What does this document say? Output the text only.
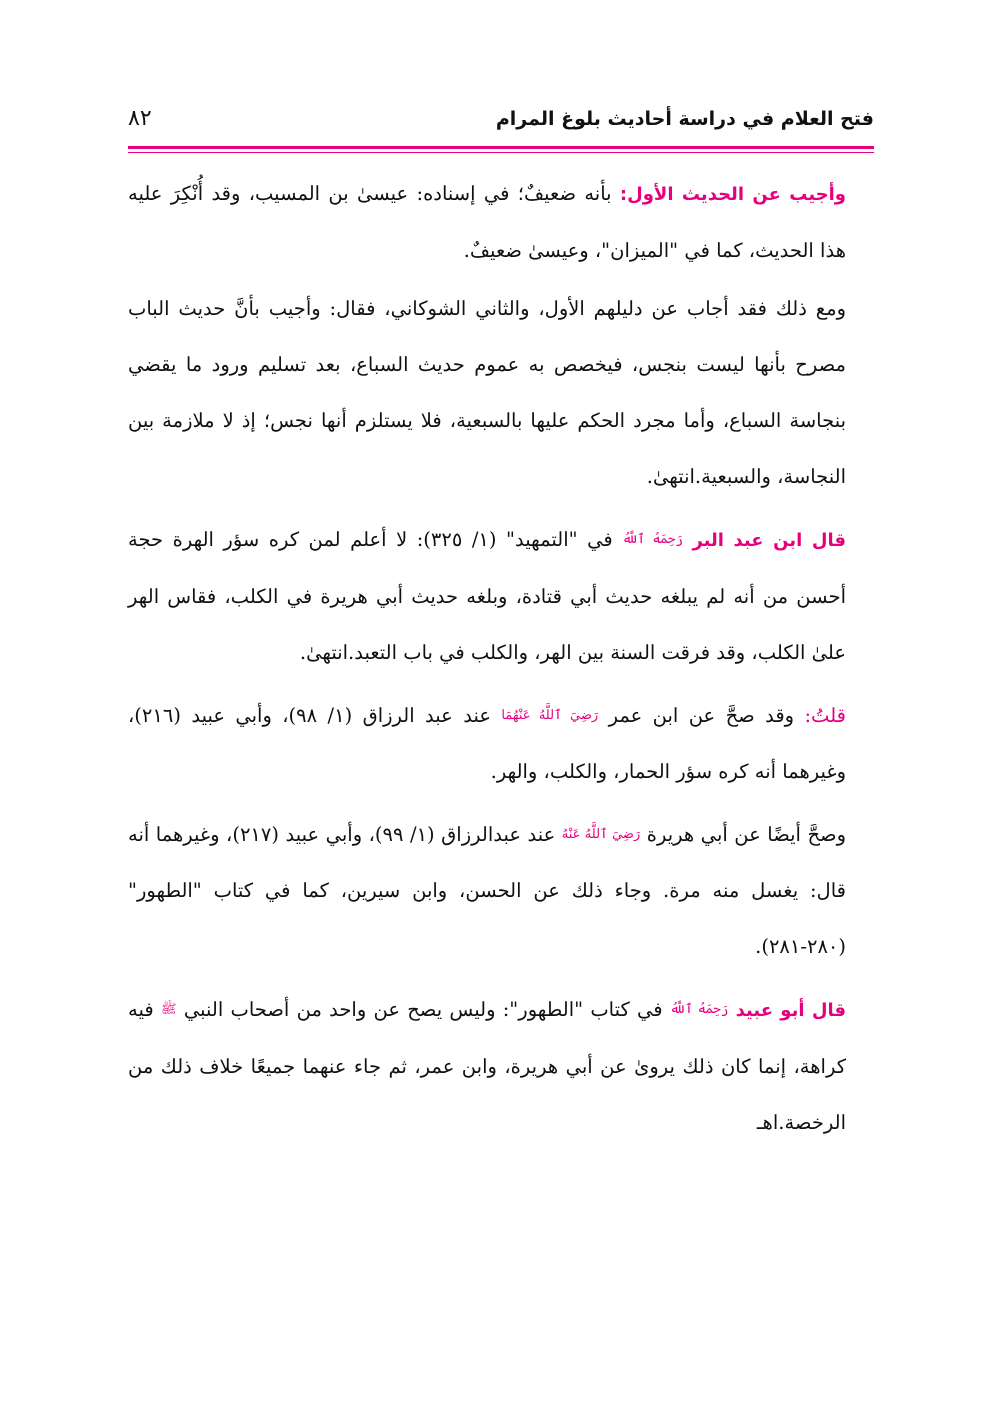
فتح العلام في دراسة أحاديث بلوغ المرام
٨٢

وأجيب عن الحديث الأول: بأنه ضعيفٌ؛ في إسناده: عيسىٰ بن المسيب، وقد أُنْكِرَ عليه هذا الحديث، كما في "الميزان"، وعيسىٰ ضعيفٌ.

ومع ذلك فقد أجاب عن دليلهم الأول، والثاني الشوكاني، فقال: وأجيب بأنَّ حديث الباب مصرح بأنها ليست بنجس، فيخصص به عموم حديث السباع، بعد تسليم ورود ما يقضي بنجاسة السباع، وأما مجرد الحكم عليها بالسبعية، فلا يستلزم أنها نجس؛ إذ لا ملازمة بين النجاسة، والسبعية.انتهىٰ.

قال ابن عبد البر رَحِمَهُ ٱللَّهُ في "التمهيد" (١/ ٣٢٥): لا أعلم لمن كره سؤر الهرة حجة أحسن من أنه لم يبلغه حديث أبي قتادة، وبلغه حديث أبي هريرة في الكلب، فقاس الهر علىٰ الكلب، وقد فرقت السنة بين الهر، والكلب في باب التعبد.انتهىٰ.

قلتُ: وقد صحَّ عن ابن عمر رَضِيَ ٱللَّهُ عَنْهُمَا عند عبد الرزاق (١/ ٩٨)، وأبي عبيد (٢١٦)، وغيرهما أنه كره سؤر الحمار، والكلب، والهر.

وصحَّ أيضًا عن أبي هريرة رَضِيَ ٱللَّهُ عَنْهُ عند عبدالرزاق (١/ ٩٩)، وأبي عبيد (٢١٧)، وغيرهما أنه قال: يغسل منه مرة. وجاء ذلك عن الحسن، وابن سيرين، كما في كتاب "الطهور" (٢٨٠-٢٨١).

قال أبو عبيد رَحِمَهُ ٱللَّهُ في كتاب "الطهور": وليس يصح عن واحد من أصحاب النبي ﷺ فيه كراهة، إنما كان ذلك يروىٰ عن أبي هريرة، وابن عمر، ثم جاء عنهما جميعًا خلاف ذلك من الرخصة.اهـ
